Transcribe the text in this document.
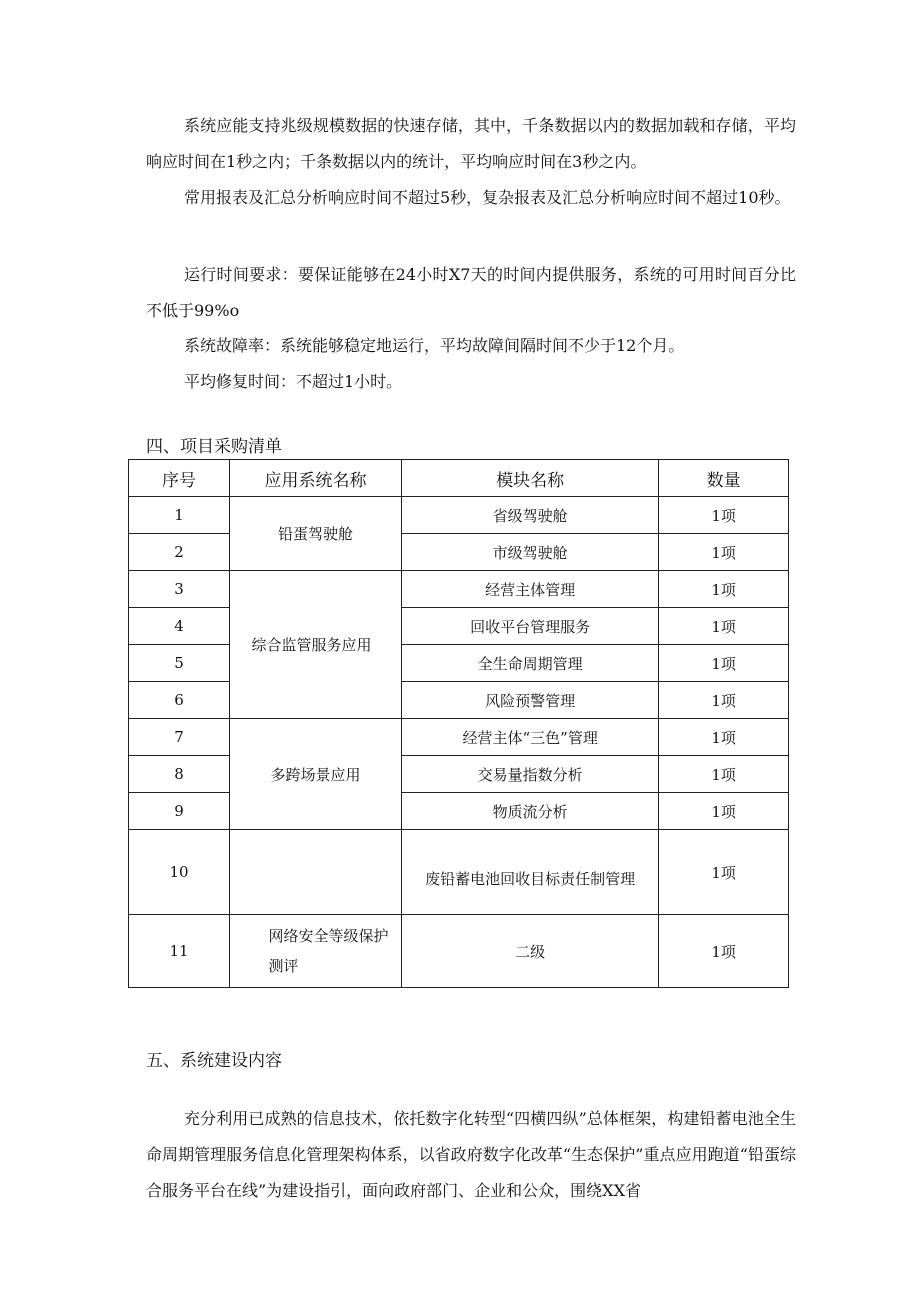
系统应能支持兆级规模数据的快速存储，其中，千条数据以内的数据加载和存储，平均响应时间在1秒之内；千条数据以内的统计，平均响应时间在3秒之内。

常用报表及汇总分析响应时间不超过5秒，复杂报表及汇总分析响应时间不超过10秒。

运行时间要求：要保证能够在24小时X7天的时间内提供服务，系统的可用时间百分比不低于99%o

系统故障率：系统能够稳定地运行，平均故障间隔时间不少于12个月。

平均修复时间：不超过1小时。

四、项目采购清单
序号	应用系统名称	模块名称	数量
1	铅蛋驾驶舱	省级驾驶舱	1项
2		市级驾驶舱	1项
3	综合监管服务应用	经营主体管理	1项
4		回收平台管理服务	1项
5		全生命周期管理	1项
6		风险预警管理	1项
7	多跨场景应用	经营主体“三色”管理	1项
8		交易量指数分析	1项
9		物质流分析	1项
10		废铅蓄电池回收目标责任制管理	1项
11	网络安全等级保护测评	二级	1项
五、系统建设内容

充分利用已成熟的信息技术，依托数字化转型“四横四纵”总体框架，构建铅蓄电池全生命周期管理服务信息化管理架构体系，以省政府数字化改革“生态保护”重点应用跑道“铅蛋综合服务平台在线”为建设指引，面向政府部门、企业和公众，围绕XX省
